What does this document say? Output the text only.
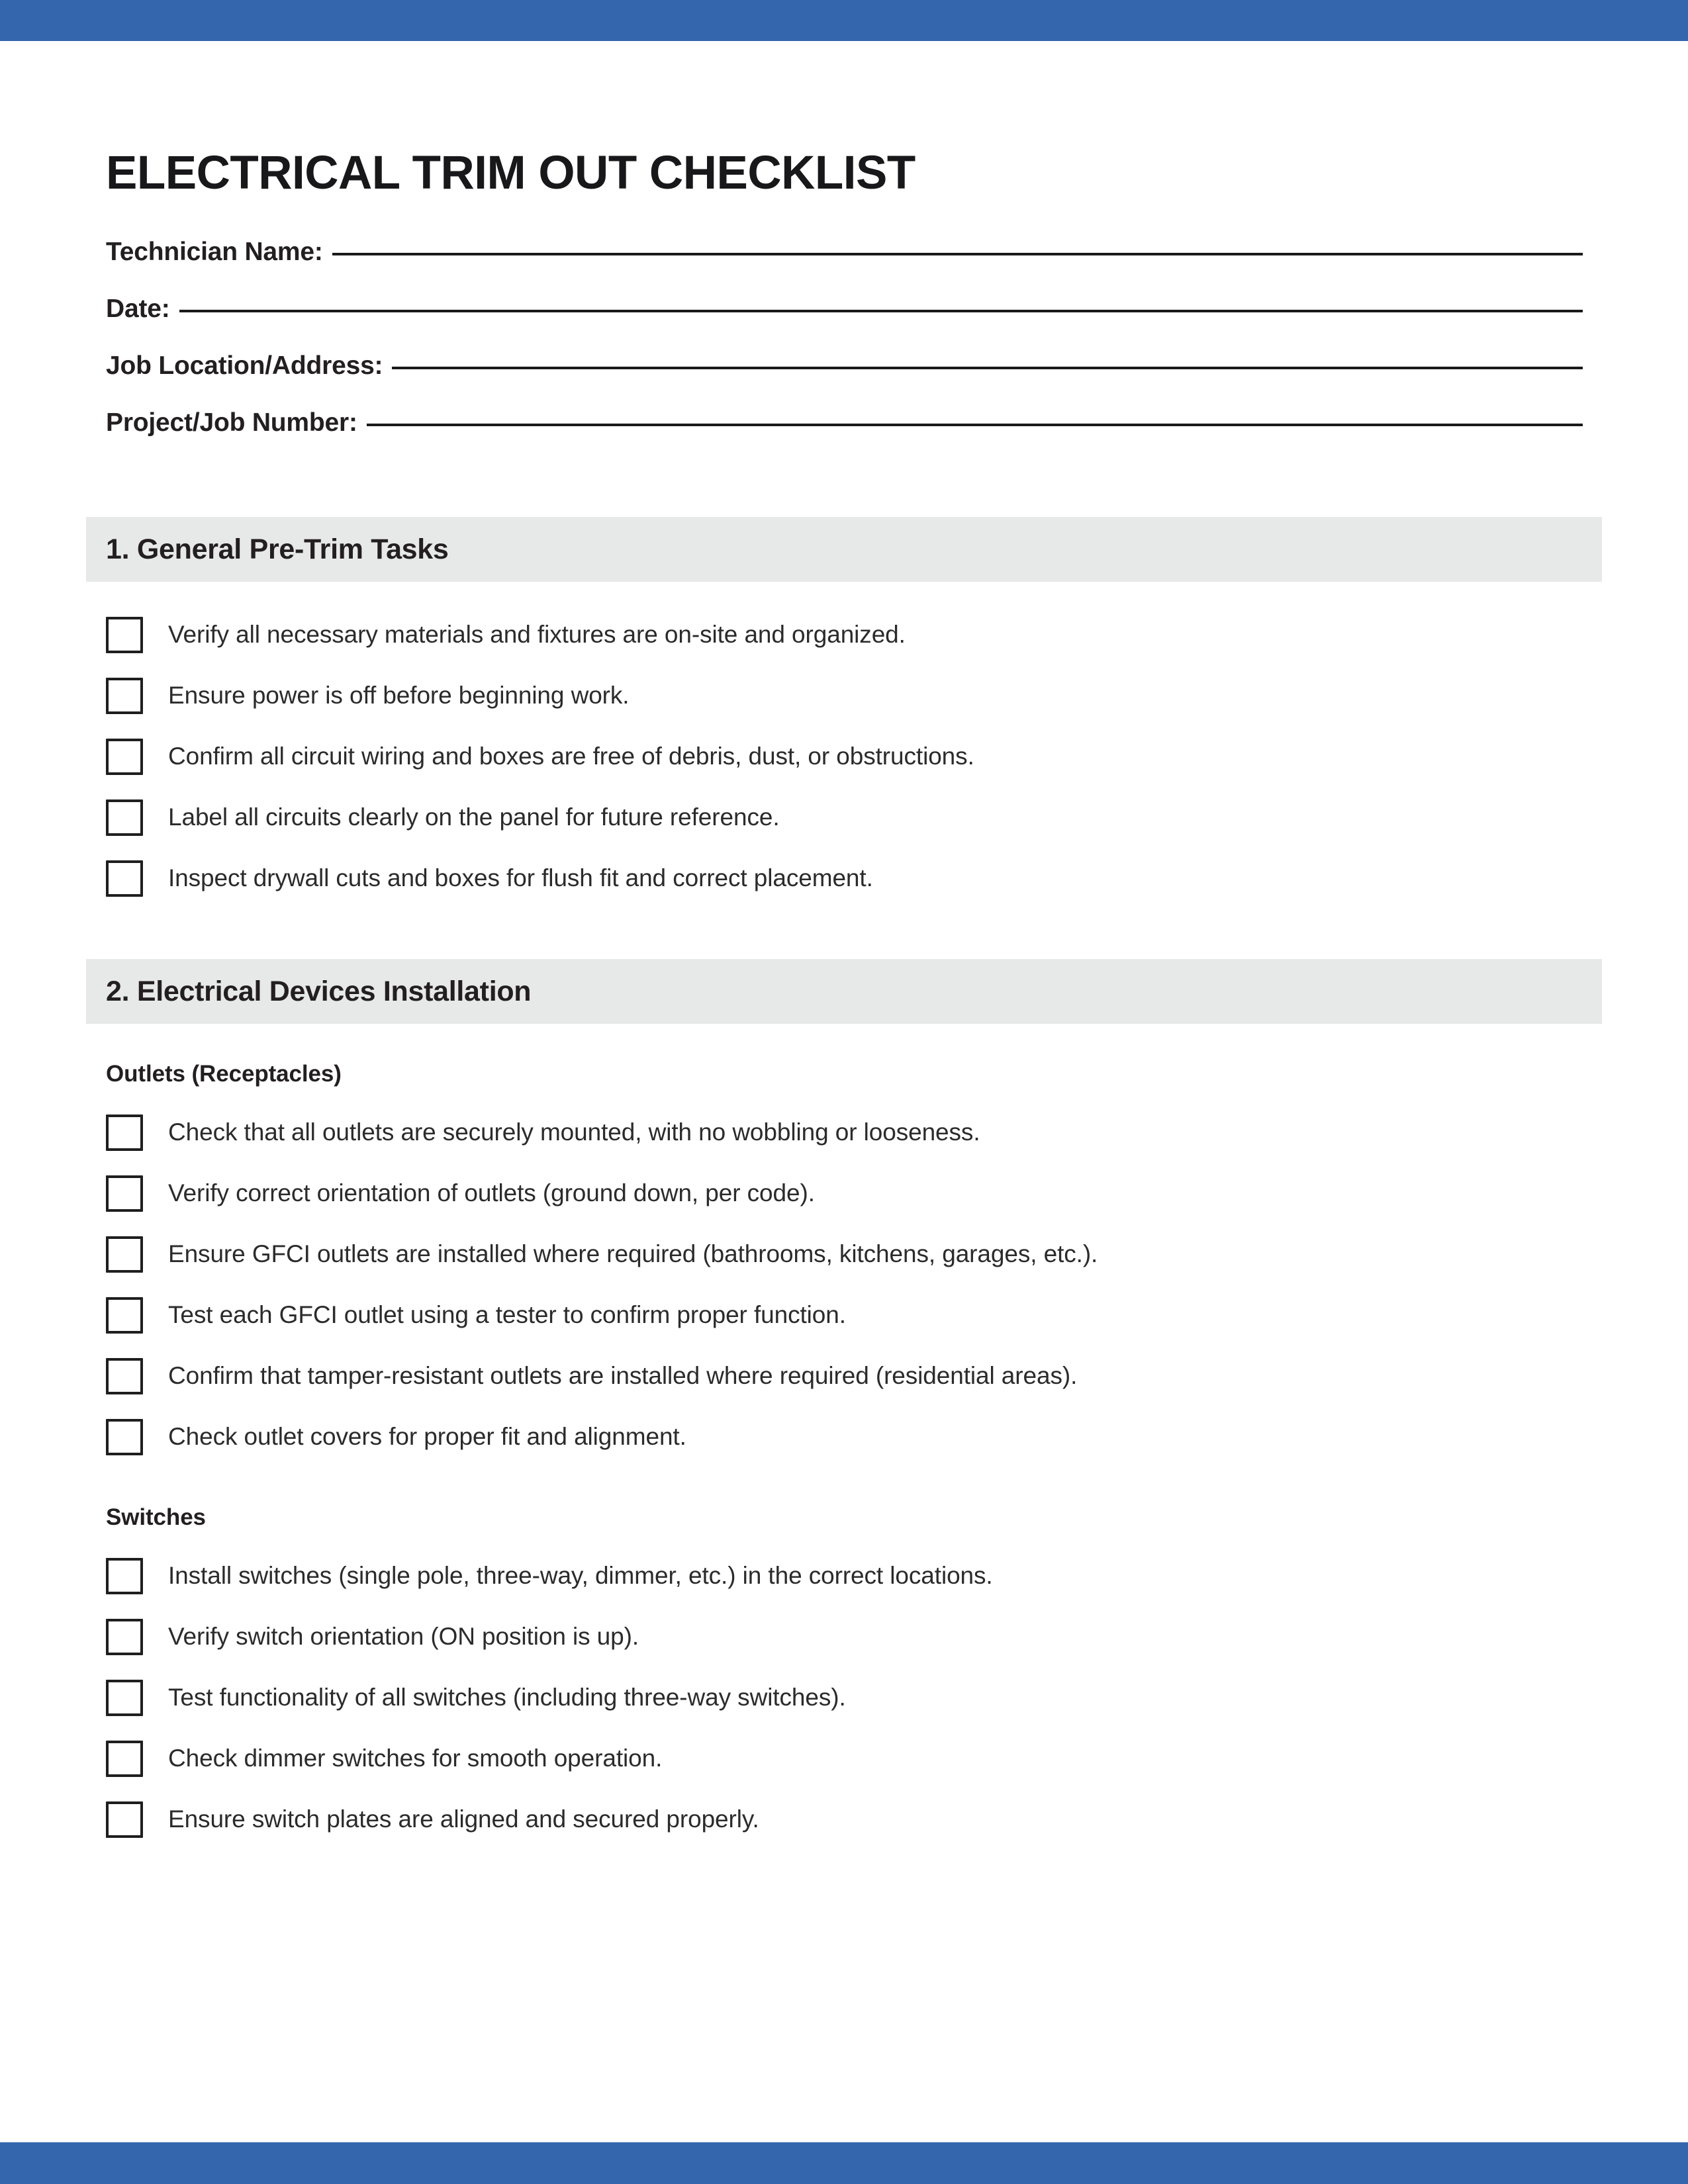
ELECTRICAL TRIM OUT CHECKLIST
Technician Name:
Date:
Job Location/Address:
Project/Job Number:
1. General Pre-Trim Tasks
Verify all necessary materials and fixtures are on-site and organized.
Ensure power is off before beginning work.
Confirm all circuit wiring and boxes are free of debris, dust, or obstructions.
Label all circuits clearly on the panel for future reference.
Inspect drywall cuts and boxes for flush fit and correct placement.
2. Electrical Devices Installation
Outlets (Receptacles)
Check that all outlets are securely mounted, with no wobbling or looseness.
Verify correct orientation of outlets (ground down, per code).
Ensure GFCI outlets are installed where required (bathrooms, kitchens, garages, etc.).
Test each GFCI outlet using a tester to confirm proper function.
Confirm that tamper-resistant outlets are installed where required (residential areas).
Check outlet covers for proper fit and alignment.
Switches
Install switches (single pole, three-way, dimmer, etc.) in the correct locations.
Verify switch orientation (ON position is up).
Test functionality of all switches (including three-way switches).
Check dimmer switches for smooth operation.
Ensure switch plates are aligned and secured properly.
